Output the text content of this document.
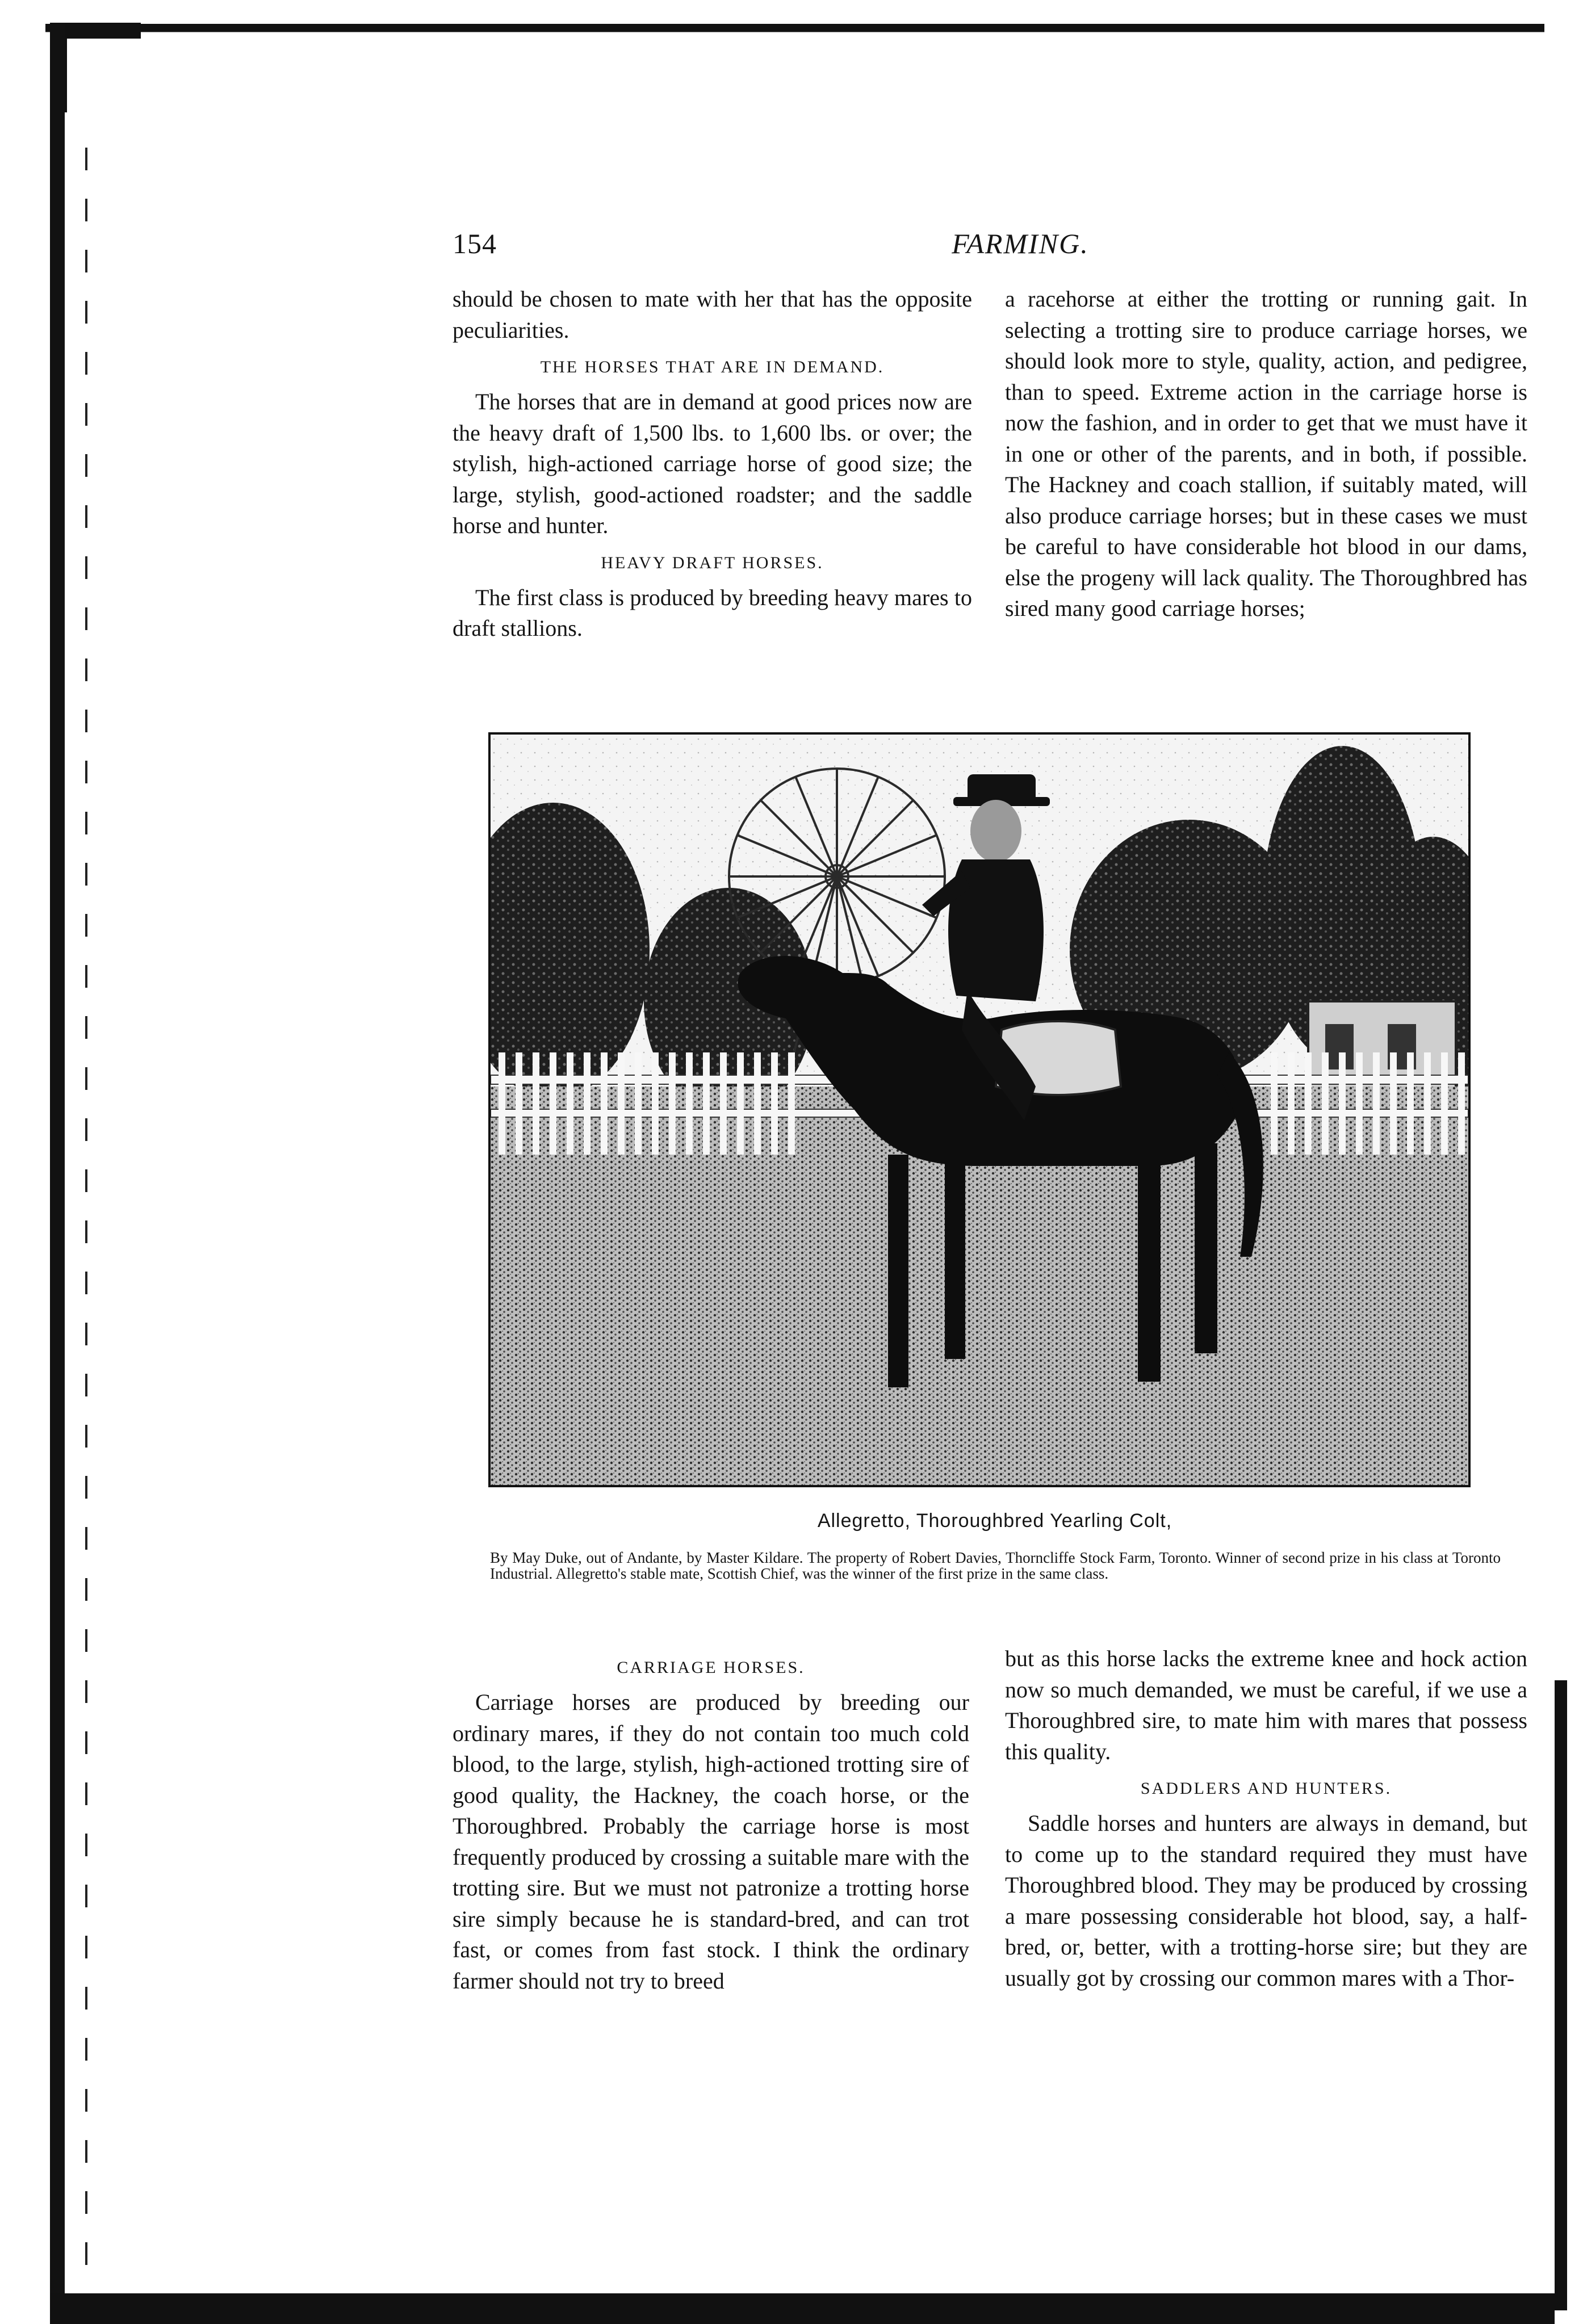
154	FARMING.

should be chosen to mate with her that has the opposite peculiarities.

THE HORSES THAT ARE IN DEMAND.

The horses that are in demand at good prices now are the heavy draft of 1,500 lbs. to 1,600 lbs. or over; the stylish, high-actioned carriage horse of good size; the large, stylish, good-actioned roadster; and the saddle horse and hunter.

HEAVY DRAFT HORSES.

The first class is produced by breeding heavy mares to draft stallions.

a racehorse at either the trotting or running gait. In selecting a trotting sire to produce carriage horses, we should look more to style, quality, action, and pedigree, than to speed. Extreme action in the carriage horse is now the fashion, and in order to get that we must have it in one or other of the parents, and in both, if possible. The Hackney and coach stallion, if suitably mated, will also produce carriage horses; but in these cases we must be careful to have considerable hot blood in our dams, else the progeny will lack quality. The Thoroughbred has sired many good carriage horses;

Allegretto, Thoroughbred Yearling Colt,

By May Duke, out of Andante, by Master Kildare. The property of Robert Davies, Thorncliffe Stock Farm, Toronto. Winner of second prize in his class at Toronto Industrial. Allegretto's stable mate, Scottish Chief, was the winner of the first prize in the same class.

CARRIAGE HORSES.

Carriage horses are produced by breeding our ordinary mares, if they do not contain too much cold blood, to the large, stylish, high-actioned trotting sire of good quality, the Hackney, the coach horse, or the Thoroughbred. Probably the carriage horse is most frequently produced by crossing a suitable mare with the trotting sire. But we must not patronize a trotting horse sire simply because he is standard-bred, and can trot fast, or comes from fast stock. I think the ordinary farmer should not try to breed

but as this horse lacks the extreme knee and hock action now so much demanded, we must be careful, if we use a Thoroughbred sire, to mate him with mares that possess this quality.

SADDLERS AND HUNTERS.

Saddle horses and hunters are always in demand, but to come up to the standard required they must have Thoroughbred blood. They may be produced by crossing a mare possessing considerable hot blood, say, a half-bred, or, better, with a trotting-horse sire; but they are usually got by crossing our common mares with a Thor-
